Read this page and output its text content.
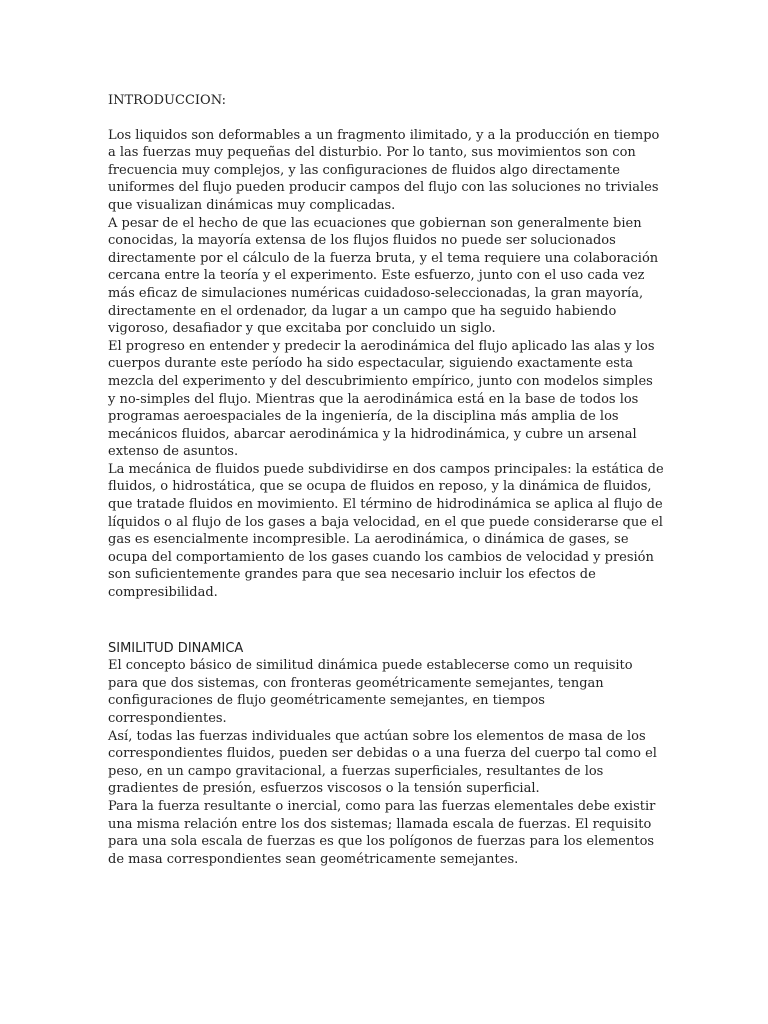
INTRODUCCION:

Los liquidos son deformables a un fragmento ilimitado, y a la producción en tiempo a las fuerzas muy pequeñas del disturbio. Por lo tanto, sus movimientos son con frecuencia muy complejos, y las configuraciones de fluidos algo directamente uniformes del flujo pueden producir campos del flujo con las soluciones no triviales que visualizan dinámicas muy complicadas.

A pesar de el hecho de que las ecuaciones que gobiernan son generalmente bien conocidas, la mayoría extensa de los flujos fluidos no puede ser solucionados directamente por el cálculo de la fuerza bruta, y el tema requiere una colaboración cercana entre la teoría y el experimento. Este esfuerzo, junto con el uso cada vez más eficaz de simulaciones numéricas cuidadoso-seleccionadas, la gran mayoría, directamente en el ordenador, da lugar a un campo que ha seguido habiendo vigoroso, desafiador y que excitaba por concluido un siglo.

El progreso en entender y predecir la aerodinámica del flujo aplicado las alas y los cuerpos durante este período ha sido espectacular, siguiendo exactamente esta mezcla del experimento y del descubrimiento empírico, junto con modelos simples y no-simples del flujo. Mientras que la aerodinámica está en la base de todos los programas aeroespaciales de la ingeniería, de la disciplina más amplia de los mecánicos fluidos, abarcar aerodinámica y la hidrodinámica, y cubre un arsenal extenso de asuntos.

La mecánica de fluidos puede subdividirse en dos campos principales: la estática de fluidos, o hidrostática, que se ocupa de fluidos en reposo, y la dinámica de fluidos, que tratade fluidos en movimiento. El término de hidrodinámica se aplica al flujo de líquidos o al flujo de los gases a baja velocidad, en el que puede considerarse que el gas es esencialmente incompresible. La aerodinámica, o dinámica de gases, se ocupa del comportamiento de los gases cuando los cambios de velocidad y presión son suficientemente grandes para que sea necesario incluir los efectos de compresibilidad.

SIMILITUD DINAMICA

El concepto básico de similitud dinámica puede establecerse como un requisito para que dos sistemas, con fronteras geométricamente semejantes, tengan configuraciones de flujo geométricamente semejantes, en tiempos correspondientes.

Así, todas las fuerzas individuales que actúan sobre los elementos de masa de los correspondientes fluidos, pueden ser debidas o a una fuerza del cuerpo tal como el peso, en un campo gravitacional, a fuerzas superficiales, resultantes de los gradientes de presión, esfuerzos viscosos o la tensión superficial.

Para la fuerza resultante o inercial, como para las fuerzas elementales debe existir una misma relación entre los dos sistemas; llamada escala de fuerzas. El requisito para una sola escala de fuerzas es que los polígonos de fuerzas para los elementos de masa correspondientes sean geométricamente semejantes.
